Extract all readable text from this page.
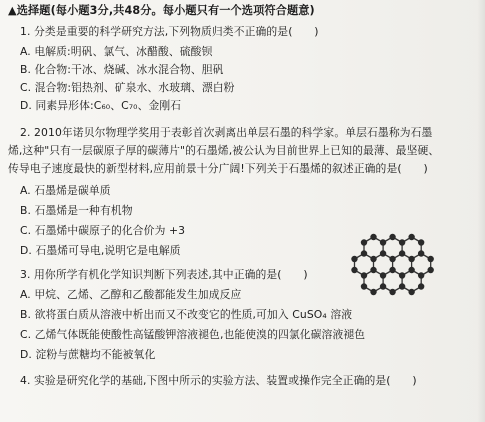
▲选择题(每小题3分,共48分。每小题只有一个选项符合题意)
1. 分类是重要的科学研究方法,下列物质归类不正确的是(　　)
A. 电解质:明矾、氯气、冰醋酸、硫酸钡
B. 化合物:干冰、烧碱、冰水混合物、胆矾
C. 混合物:铝热剂、矿泉水、水玻璃、漂白粉
D. 同素异形体:C₆₀、C₇₀、金刚石
2. 2010年诺贝尔物理学奖用于表彰首次剥离出单层石墨的科学家。单层石墨称为石墨
烯,这种"只有一层碳原子厚的碳薄片"的石墨烯,被公认为目前世界上已知的最薄、最坚硬、
传导电子速度最快的新型材料,应用前景十分广阔!下列关于石墨烯的叙述正确的是(　　)
A. 石墨烯是碳单质
B. 石墨烯是一种有机物
C. 石墨烯中碳原子的化合价为 +3
D. 石墨烯可导电,说明它是电解质
3. 用你所学有机化学知识判断下列表述,其中正确的是(　　)
A. 甲烷、乙烯、乙醇和乙酸都能发生加成反应
B. 欲将蛋白质从溶液中析出而又不改变它的性质,可加入 CuSO₄ 溶液
C. 乙烯气体既能使酸性高锰酸钾溶液褪色,也能使溴的四氯化碳溶液褪色
D. 淀粉与蔗糖均不能被氧化
4. 实验是研究化学的基础,下图中所示的实验方法、装置或操作完全正确的是(　　)
